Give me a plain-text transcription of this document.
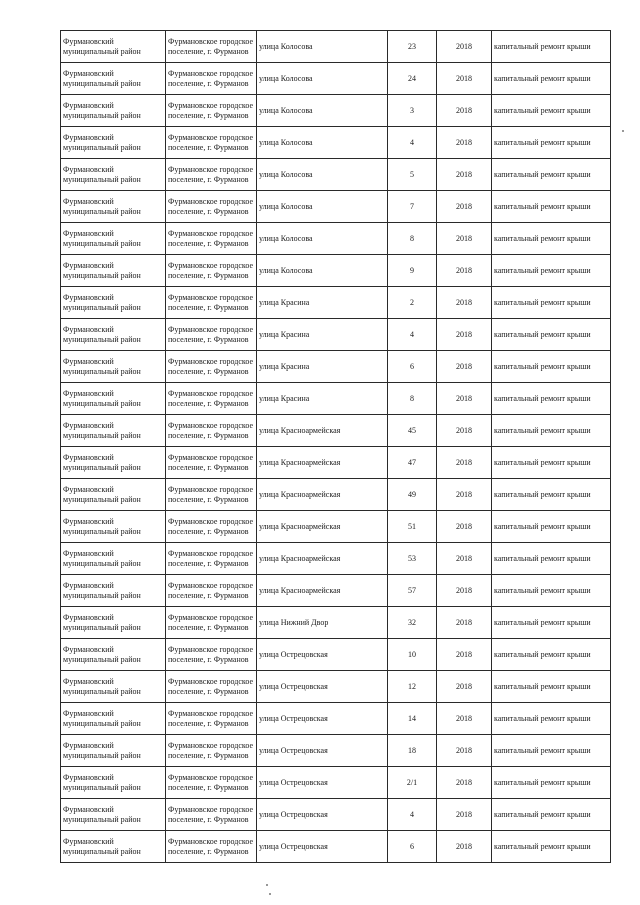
Фурмановский муниципальный район	Фурмановское городское поселение, г. Фурманов	улица Колосова	23	2018	капитальный ремонт крыши

Фурмановский муниципальный район	Фурмановское городское поселение, г. Фурманов	улица Колосова	24	2018	капитальный ремонт крыши

Фурмановский муниципальный район	Фурмановское городское поселение, г. Фурманов	улица Колосова	3	2018	капитальный ремонт крыши

Фурмановский муниципальный район	Фурмановское городское поселение, г. Фурманов	улица Колосова	4	2018	капитальный ремонт крыши

Фурмановский муниципальный район	Фурмановское городское поселение, г. Фурманов	улица Колосова	5	2018	капитальный ремонт крыши

Фурмановский муниципальный район	Фурмановское городское поселение, г. Фурманов	улица Колосова	7	2018	капитальный ремонт крыши

Фурмановский муниципальный район	Фурмановское городское поселение, г. Фурманов	улица Колосова	8	2018	капитальный ремонт крыши

Фурмановский муниципальный район	Фурмановское городское поселение, г. Фурманов	улица Колосова	9	2018	капитальный ремонт крыши

Фурмановский муниципальный район	Фурмановское городское поселение, г. Фурманов	улица Красина	2	2018	капитальный ремонт крыши

Фурмановский муниципальный район	Фурмановское городское поселение, г. Фурманов	улица Красина	4	2018	капитальный ремонт крыши

Фурмановский муниципальный район	Фурмановское городское поселение, г. Фурманов	улица Красина	6	2018	капитальный ремонт крыши

Фурмановский муниципальный район	Фурмановское городское поселение, г. Фурманов	улица Красина	8	2018	капитальный ремонт крыши

Фурмановский муниципальный район	Фурмановское городское поселение, г. Фурманов	улица Красноармейская	45	2018	капитальный ремонт крыши

Фурмановский муниципальный район	Фурмановское городское поселение, г. Фурманов	улица Красноармейская	47	2018	капитальный ремонт крыши

Фурмановский муниципальный район	Фурмановское городское поселение, г. Фурманов	улица Красноармейская	49	2018	капитальный ремонт крыши

Фурмановский муниципальный район	Фурмановское городское поселение, г. Фурманов	улица Красноармейская	51	2018	капитальный ремонт крыши

Фурмановский муниципальный район	Фурмановское городское поселение, г. Фурманов	улица Красноармейская	53	2018	капитальный ремонт крыши

Фурмановский муниципальный район	Фурмановское городское поселение, г. Фурманов	улица Красноармейская	57	2018	капитальный ремонт крыши

Фурмановский муниципальный район	Фурмановское городское поселение, г. Фурманов	улица Нижний Двор	32	2018	капитальный ремонт крыши

Фурмановский муниципальный район	Фурмановское городское поселение, г. Фурманов	улица Острецовская	10	2018	капитальный ремонт крыши

Фурмановский муниципальный район	Фурмановское городское поселение, г. Фурманов	улица Острецовская	12	2018	капитальный ремонт крыши

Фурмановский муниципальный район	Фурмановское городское поселение, г. Фурманов	улица Острецовская	14	2018	капитальный ремонт крыши

Фурмановский муниципальный район	Фурмановское городское поселение, г. Фурманов	улица Острецовская	18	2018	капитальный ремонт крыши

Фурмановский муниципальный район	Фурмановское городское поселение, г. Фурманов	улица Острецовская	2/1	2018	капитальный ремонт крыши

Фурмановский муниципальный район	Фурмановское городское поселение, г. Фурманов	улица Острецовская	4	2018	капитальный ремонт крыши

Фурмановский муниципальный район	Фурмановское городское поселение, г. Фурманов	улица Острецовская	6	2018	капитальный ремонт крыши
